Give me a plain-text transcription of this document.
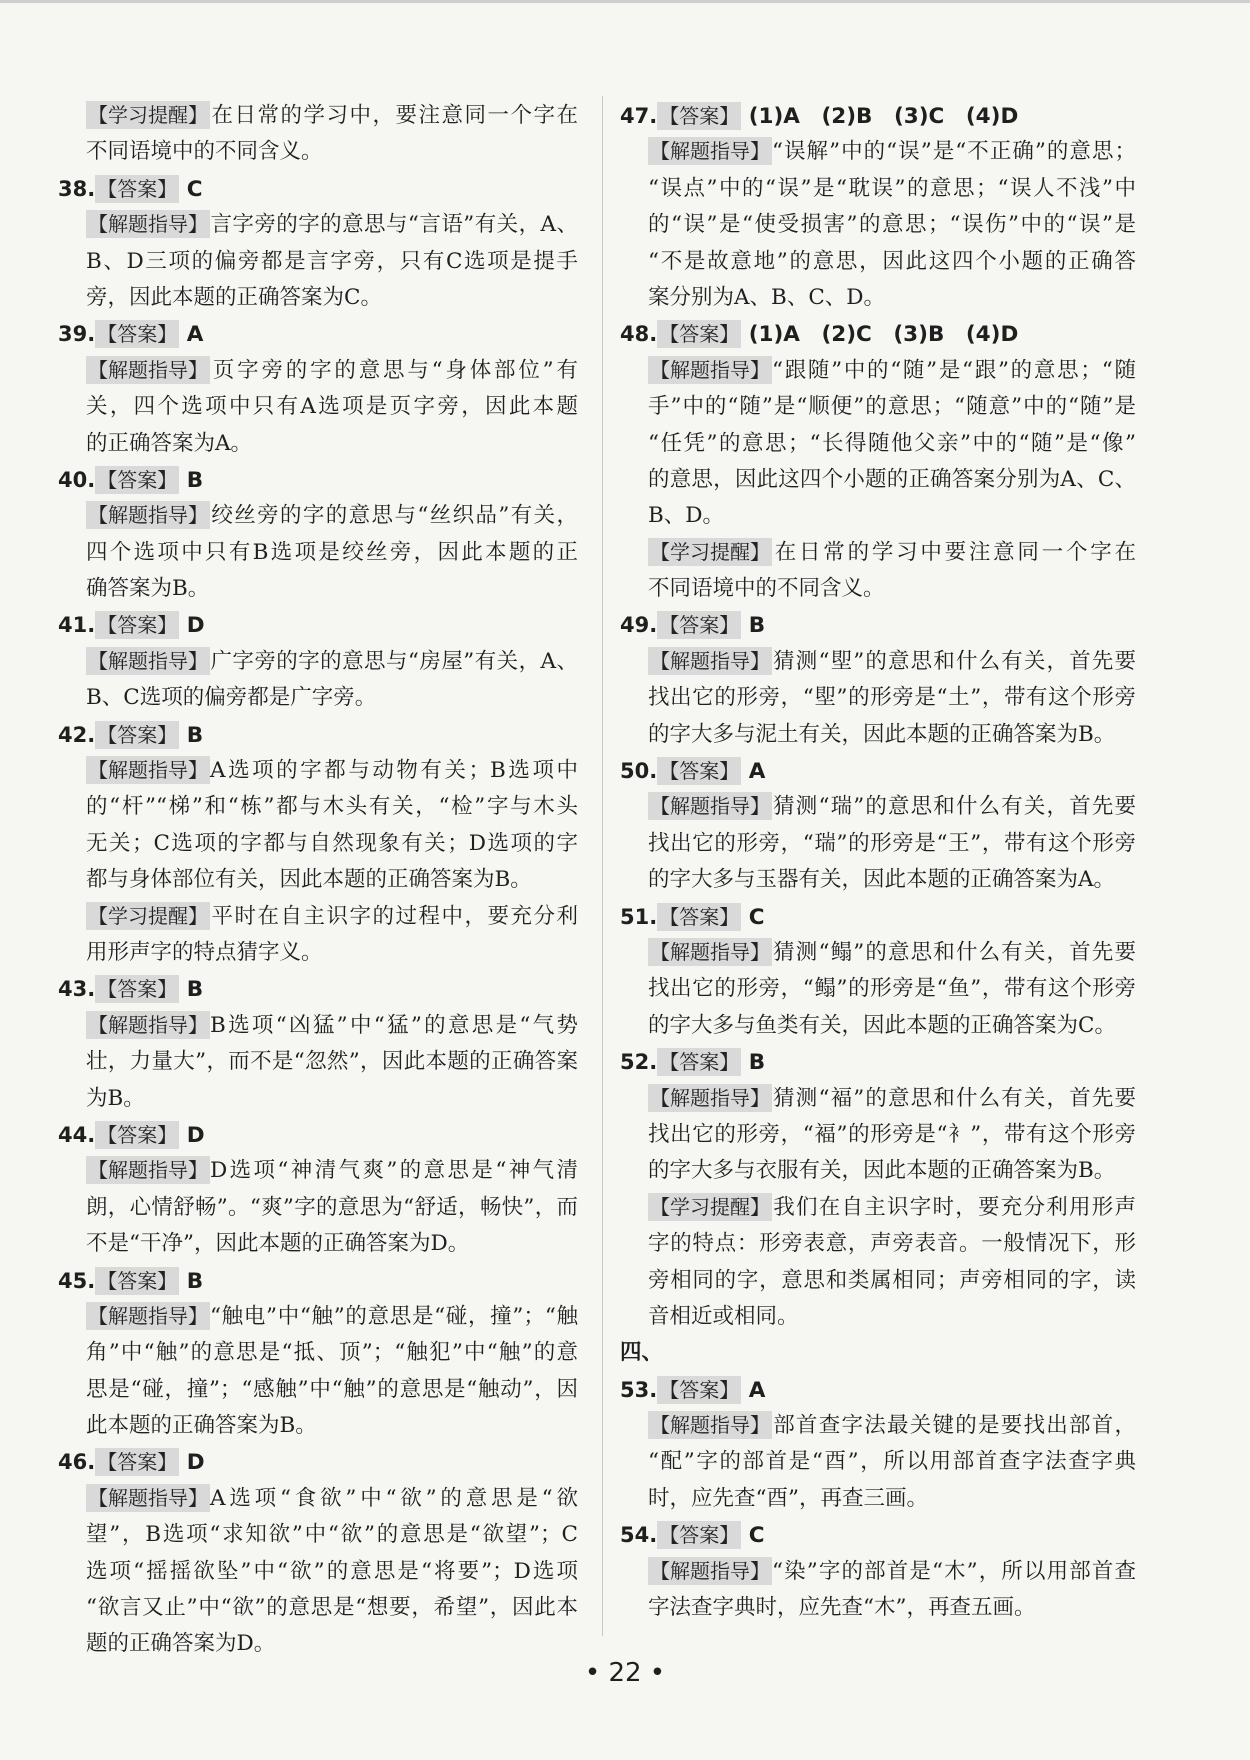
【学习提醒】在日常的学习中，要注意同一个字在
不同语境中的不同含义。
38. 【答案】 C
【解题指导】言字旁的字的意思与“言语”有关，A、
B、D三项的偏旁都是言字旁，只有C选项是提手
旁，因此本题的正确答案为C。
39. 【答案】 A
【解题指导】页字旁的字的意思与“身体部位”有
关，四个选项中只有A选项是页字旁，因此本题
的正确答案为A。
40. 【答案】 B
【解题指导】绞丝旁的字的意思与“丝织品”有关，
四个选项中只有B选项是绞丝旁，因此本题的正
确答案为B。
41. 【答案】 D
【解题指导】广字旁的字的意思与“房屋”有关，A、
B、C选项的偏旁都是广字旁。
42. 【答案】 B
【解题指导】A选项的字都与动物有关；B选项中
的“杆”“梯”和“栋”都与木头有关，“检”字与木头
无关；C选项的字都与自然现象有关；D选项的字
都与身体部位有关，因此本题的正确答案为B。
【学习提醒】平时在自主识字的过程中，要充分利
用形声字的特点猜字义。
43. 【答案】 B
【解题指导】B选项“凶猛”中“猛”的意思是“气势
壮，力量大”，而不是“忽然”，因此本题的正确答案
为B。
44. 【答案】 D
【解题指导】D选项“神清气爽”的意思是“神气清
朗，心情舒畅”。“爽”字的意思为“舒适，畅快”，而
不是“干净”，因此本题的正确答案为D。
45. 【答案】 B
【解题指导】“触电”中“触”的意思是“碰，撞”；“触
角”中“触”的意思是“抵、顶”；“触犯”中“触”的意
思是“碰，撞”；“感触”中“触”的意思是“触动”，因
此本题的正确答案为B。
46. 【答案】 D
【解题指导】A选项“食欲”中“欲”的意思是“欲
望”，B选项“求知欲”中“欲”的意思是“欲望”；C
选项“摇摇欲坠”中“欲”的意思是“将要”；D选项
“欲言又止”中“欲”的意思是“想要，希望”，因此本
题的正确答案为D。
47. 【答案】 (1)A　(2)B　(3)C　(4)D
【解题指导】“误解”中的“误”是“不正确”的意思；
“误点”中的“误”是“耽误”的意思；“误人不浅”中
的“误”是“使受损害”的意思；“误伤”中的“误”是
“不是故意地”的意思，因此这四个小题的正确答
案分别为A、B、C、D。
48. 【答案】 (1)A　(2)C　(3)B　(4)D
【解题指导】“跟随”中的“随”是“跟”的意思；“随
手”中的“随”是“顺便”的意思；“随意”中的“随”是
“任凭”的意思；“长得随他父亲”中的“随”是“像”
的意思，因此这四个小题的正确答案分别为A、C、
B、D。
【学习提醒】在日常的学习中要注意同一个字在
不同语境中的不同含义。
49. 【答案】 B
【解题指导】猜测“堲”的意思和什么有关，首先要
找出它的形旁，“堲”的形旁是“土”，带有这个形旁
的字大多与泥土有关，因此本题的正确答案为B。
50. 【答案】 A
【解题指导】猜测“瑞”的意思和什么有关，首先要
找出它的形旁，“瑞”的形旁是“王”，带有这个形旁
的字大多与玉器有关，因此本题的正确答案为A。
51. 【答案】 C
【解题指导】猜测“鳎”的意思和什么有关，首先要
找出它的形旁，“鳎”的形旁是“鱼”，带有这个形旁
的字大多与鱼类有关，因此本题的正确答案为C。
52. 【答案】 B
【解题指导】猜测“褔”的意思和什么有关，首先要
找出它的形旁，“褔”的形旁是“衤”，带有这个形旁
的字大多与衣服有关，因此本题的正确答案为B。
【学习提醒】我们在自主识字时，要充分利用形声
字的特点：形旁表意，声旁表音。一般情况下，形
旁相同的字，意思和类属相同；声旁相同的字，读
音相近或相同。
四、
53. 【答案】 A
【解题指导】部首查字法最关键的是要找出部首，
“配”字的部首是“酉”，所以用部首查字法查字典
时，应先查“酉”，再查三画。
54. 【答案】 C
【解题指导】“染”字的部首是“木”，所以用部首查
字法查字典时，应先查“木”，再查五画。
• 22 •
